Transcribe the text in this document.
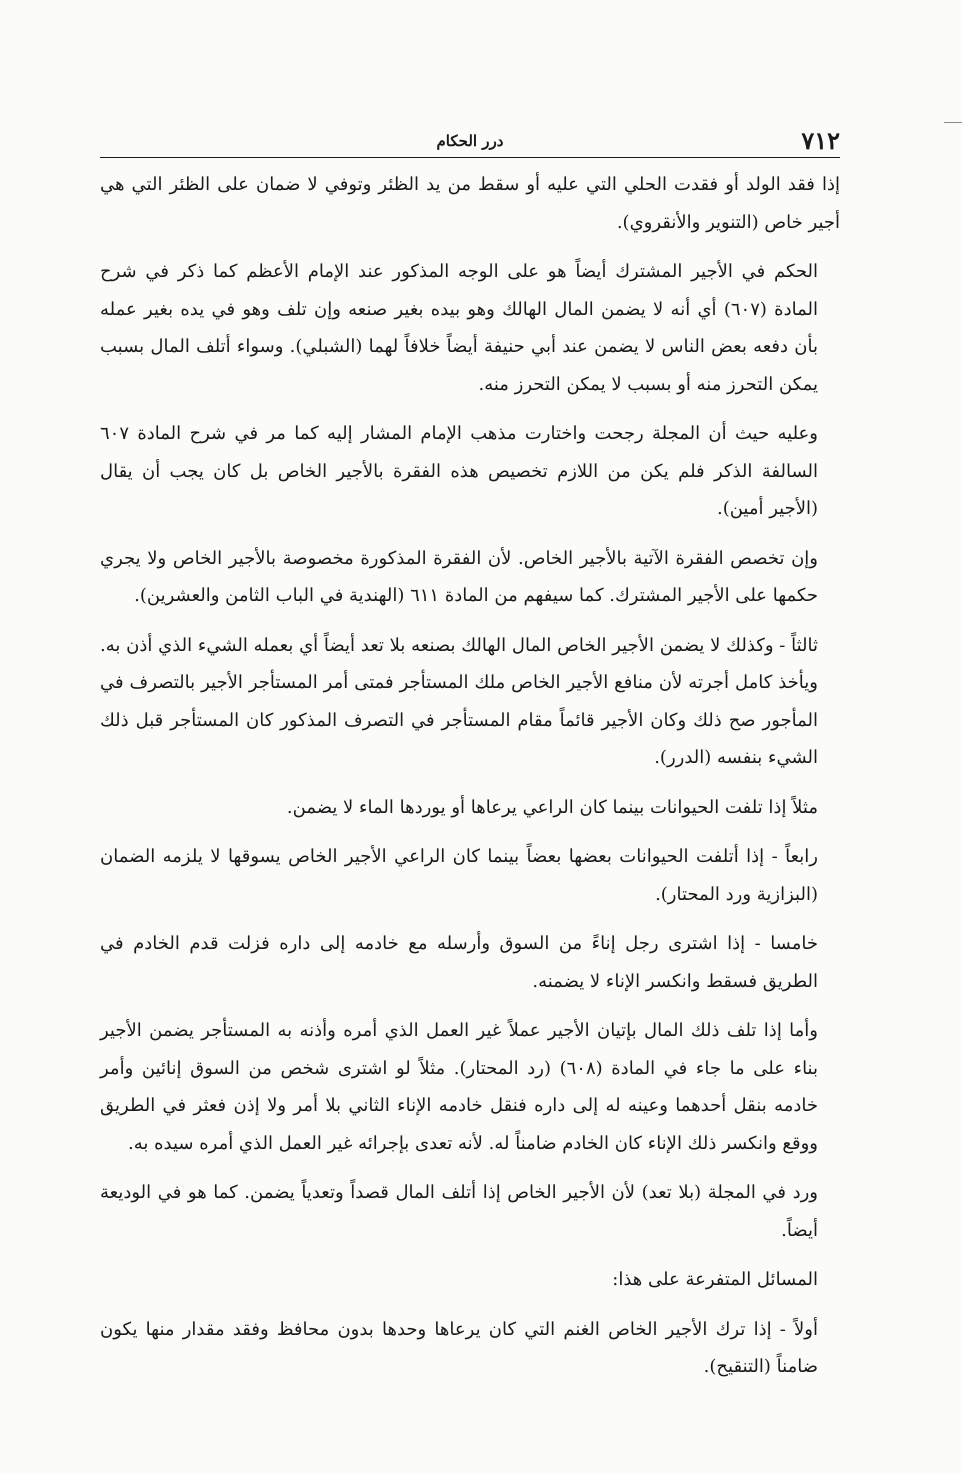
٧١٢
درر الحكام

إذا فقد الولد أو فقدت الحلي التي عليه أو سقط من يد الظئر وتوفي لا ضمان على الظئر التي هي أجير خاص (التنوير والأنقروي).

الحكم في الأجير المشترك أيضاً هو على الوجه المذكور عند الإمام الأعظم كما ذكر في شرح المادة (٦٠٧) أي أنه لا يضمن المال الهالك وهو بيده بغير صنعه وإن تلف وهو في يده بغير عمله بأن دفعه بعض الناس لا يضمن عند أبي حنيفة أيضاً خلافاً لهما (الشبلي). وسواء أتلف المال بسبب يمكن التحرز منه أو بسبب لا يمكن التحرز منه.

وعليه حيث أن المجلة رجحت واختارت مذهب الإمام المشار إليه كما مر في شرح المادة ٦٠٧ السالفة الذكر فلم يكن من اللازم تخصيص هذه الفقرة بالأجير الخاص بل كان يجب أن يقال (الأجير أمين).

وإن تخصص الفقرة الآتية بالأجير الخاص. لأن الفقرة المذكورة مخصوصة بالأجير الخاص ولا يجري حكمها على الأجير المشترك. كما سيفهم من المادة ٦١١ (الهندية في الباب الثامن والعشرين).

ثالثاً - وكذلك لا يضمن الأجير الخاص المال الهالك بصنعه بلا تعد أيضاً أي بعمله الشيء الذي أذن به. ويأخذ كامل أجرته لأن منافع الأجير الخاص ملك المستأجر فمتى أمر المستأجر الأجير بالتصرف في المأجور صح ذلك وكان الأجير قائماً مقام المستأجر في التصرف المذكور كان المستأجر قبل ذلك الشيء بنفسه (الدرر).

مثلاً إذا تلفت الحيوانات بينما كان الراعي يرعاها أو يوردها الماء لا يضمن.

رابعاً - إذا أتلفت الحيوانات بعضها بعضاً بينما كان الراعي الأجير الخاص يسوقها لا يلزمه الضمان (البزازية ورد المحتار).

خامسا - إذا اشترى رجل إناءً من السوق وأرسله مع خادمه إلى داره فزلت قدم الخادم في الطريق فسقط وانكسر الإناء لا يضمنه.

وأما إذا تلف ذلك المال بإتيان الأجير عملاً غير العمل الذي أمره وأذنه به المستأجر يضمن الأجير بناء على ما جاء في المادة (٦٠٨) (رد المحتار). مثلاً لو اشترى شخص من السوق إنائين وأمر خادمه بنقل أحدهما وعينه له إلى داره فنقل خادمه الإناء الثاني بلا أمر ولا إذن فعثر في الطريق ووقع وانكسر ذلك الإناء كان الخادم ضامناً له. لأنه تعدى بإجرائه غير العمل الذي أمره سيده به.

ورد في المجلة (بلا تعد) لأن الأجير الخاص إذا أتلف المال قصداً وتعدياً يضمن. كما هو في الوديعة أيضاً.

المسائل المتفرعة على هذا:

أولاً - إذا ترك الأجير الخاص الغنم التي كان يرعاها وحدها بدون محافظ وفقد مقدار منها يكون ضامناً (التنقيح).
